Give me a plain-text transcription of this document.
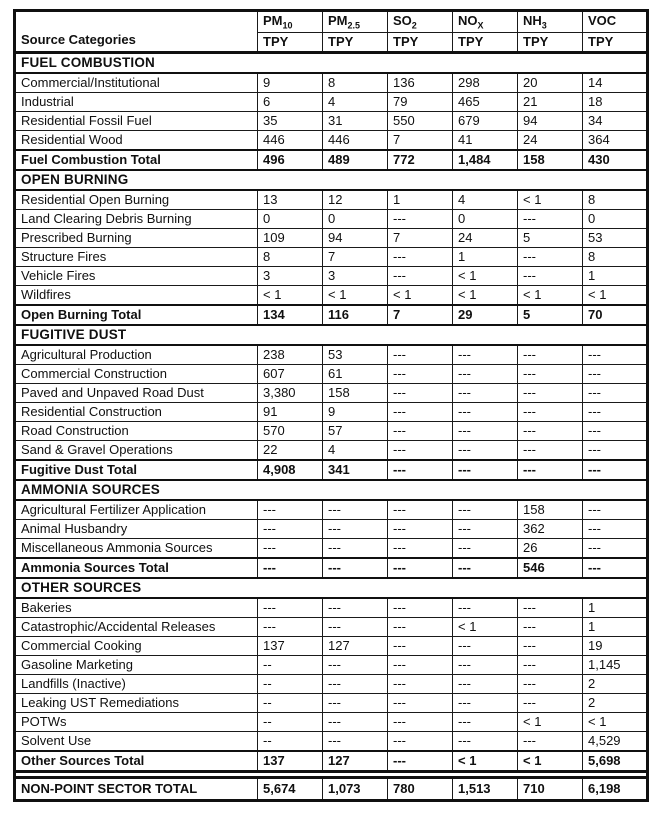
Source Categories	$PM_{10}$	$PM_{2.5}$	$SO_2$	$NO_X$	$NH_3$	VOC
	TPY	TPY	TPY	TPY	TPY	TPY
FUEL COMBUSTION						
Commercial/Institutional	9	8	136	298	20	14
Industrial	6	4	79	465	21	18
Residential Fossil Fuel	35	31	550	679	94	34
Residential Wood	446	446	7	41	24	364
Fuel Combustion Total	496	489	772	1,484	158	430
OPEN BURNING						
Residential Open Burning	13	12	1	4	< 1	8
Land Clearing Debris Burning	0	0	---	0	---	0
Prescribed Burning	109	94	7	24	5	53
Structure Fires	8	7	---	1	---	8
Vehicle Fires	3	3	---	< 1	---	1
Wildfires	< 1	< 1	< 1	< 1	< 1	< 1
Open Burning Total	134	116	7	29	5	70
FUGITIVE DUST						
Agricultural Production	238	53	---	---	---	---
Commercial Construction	607	61	---	---	---	---
Paved and Unpaved Road Dust	3,380	158	---	---	---	---
Residential Construction	91	9	---	---	---	---
Road Construction	570	57	---	---	---	---
Sand & Gravel Operations	22	4	---	---	---	---
Fugitive Dust Total	4,908	341	---	---	---	---
AMMONIA SOURCES						
Agricultural Fertilizer Application	---	---	---	---	158	---
Animal Husbandry	---	---	---	---	362	---
Miscellaneous Ammonia Sources	---	---	---	---	26	---
Ammonia Sources Total	---	---	---	---	546	---
OTHER SOURCES						
Bakeries	---	---	---	---	---	1
Catastrophic/Accidental Releases	---	---	---	< 1	---	1
Commercial Cooking	137	127	---	---	---	19
Gasoline Marketing	--	---	---	---	---	1,145
Landfills (Inactive)	--	---	---	---	---	2
Leaking UST Remediations	--	---	---	---	---	2
POTWs	--	---	---	---	< 1	< 1
Solvent Use	--	---	---	---	---	4,529
Other Sources Total	137	127	---	< 1	< 1	5,698

NON-POINT SECTOR TOTAL	5,674	1,073	780	1,513	710	6,198
